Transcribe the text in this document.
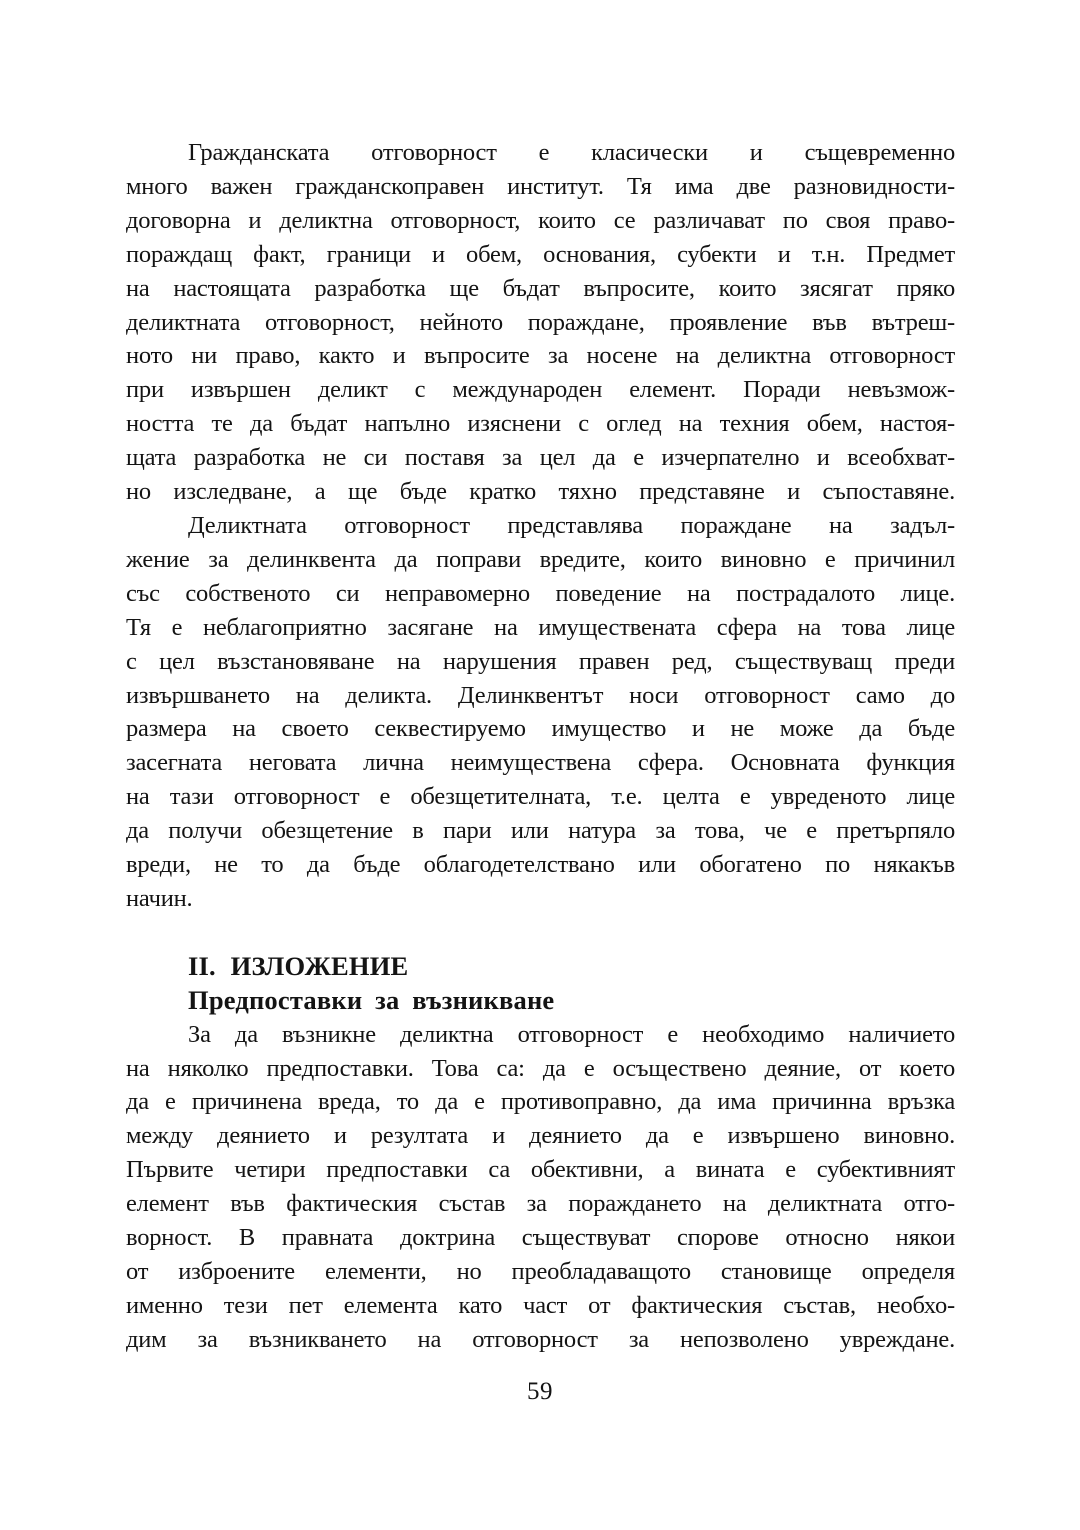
Гражданската отговорност е класически и същевременно
много важен гражданскоправен институт. Тя има две разновидности-
договорна и деликтна отговорност, които се различават по своя право-
пораждащ факт, граници и обем, основания, субекти и т.н. Предмет
на настоящата разработка ще бъдат въпросите, които зясягат пряко
деликтната отговорност, нейното пораждане, проявление във вътреш-
ното ни право, както и въпросите за носене на деликтна отговорност
при извършен деликт с международен елемент. Поради невъзмож-
ността те да бъдат напълно изяснени с оглед на техния обем, настоя-
щата разработка не си поставя за цел да е изчерпателно и всеобхват-
но изследване, а ще бъде кратко тяхно представяне и съпоставяне.
Деликтната отговорност представлява пораждане на задъл-
жение за делинквента да поправи вредите, които виновно е причинил
със собственото си неправомерно поведение на пострадалото лице.
Тя е неблагоприятно засягане на имуществената сфера на това лице
с цел възстановяване на нарушения правен ред, съществуващ преди
извършването на деликта. Делинквентът носи отговорност само до
размера на своето секвестируемо имущество и не може да бъде
засегната неговата лична неимуществена сфера. Основната функция
на тази отговорност е обезщетителната, т.е. целта е увреденото лице
да получи обезщетение в пари или натура за това, че е претърпяло
вреди, не то да бъде облагодетелствано или обогатено по някакъв
начин.
II. ИЗЛОЖЕНИЕ
Предпоставки за възникване
За да възникне деликтна отговорност е необходимо наличието
на няколко предпоставки. Това са: да е осъществено деяние, от което
да е причинена вреда, то да е противоправно, да има причинна връзка
между деянието и резултата и деянието да е извършено виновно.
Първите четири предпоставки са обективни, а вината е субективният
елемент във фактическия състав за пораждането на деликтната отго-
ворност. В правната доктрина съществуват спорове относно някои
от изброените елементи, но преобладаващото становище определя
именно тези пет елемента като част от фактическия състав, необхо-
дим за възникването на отговорност за непозволено увреждане.
59
